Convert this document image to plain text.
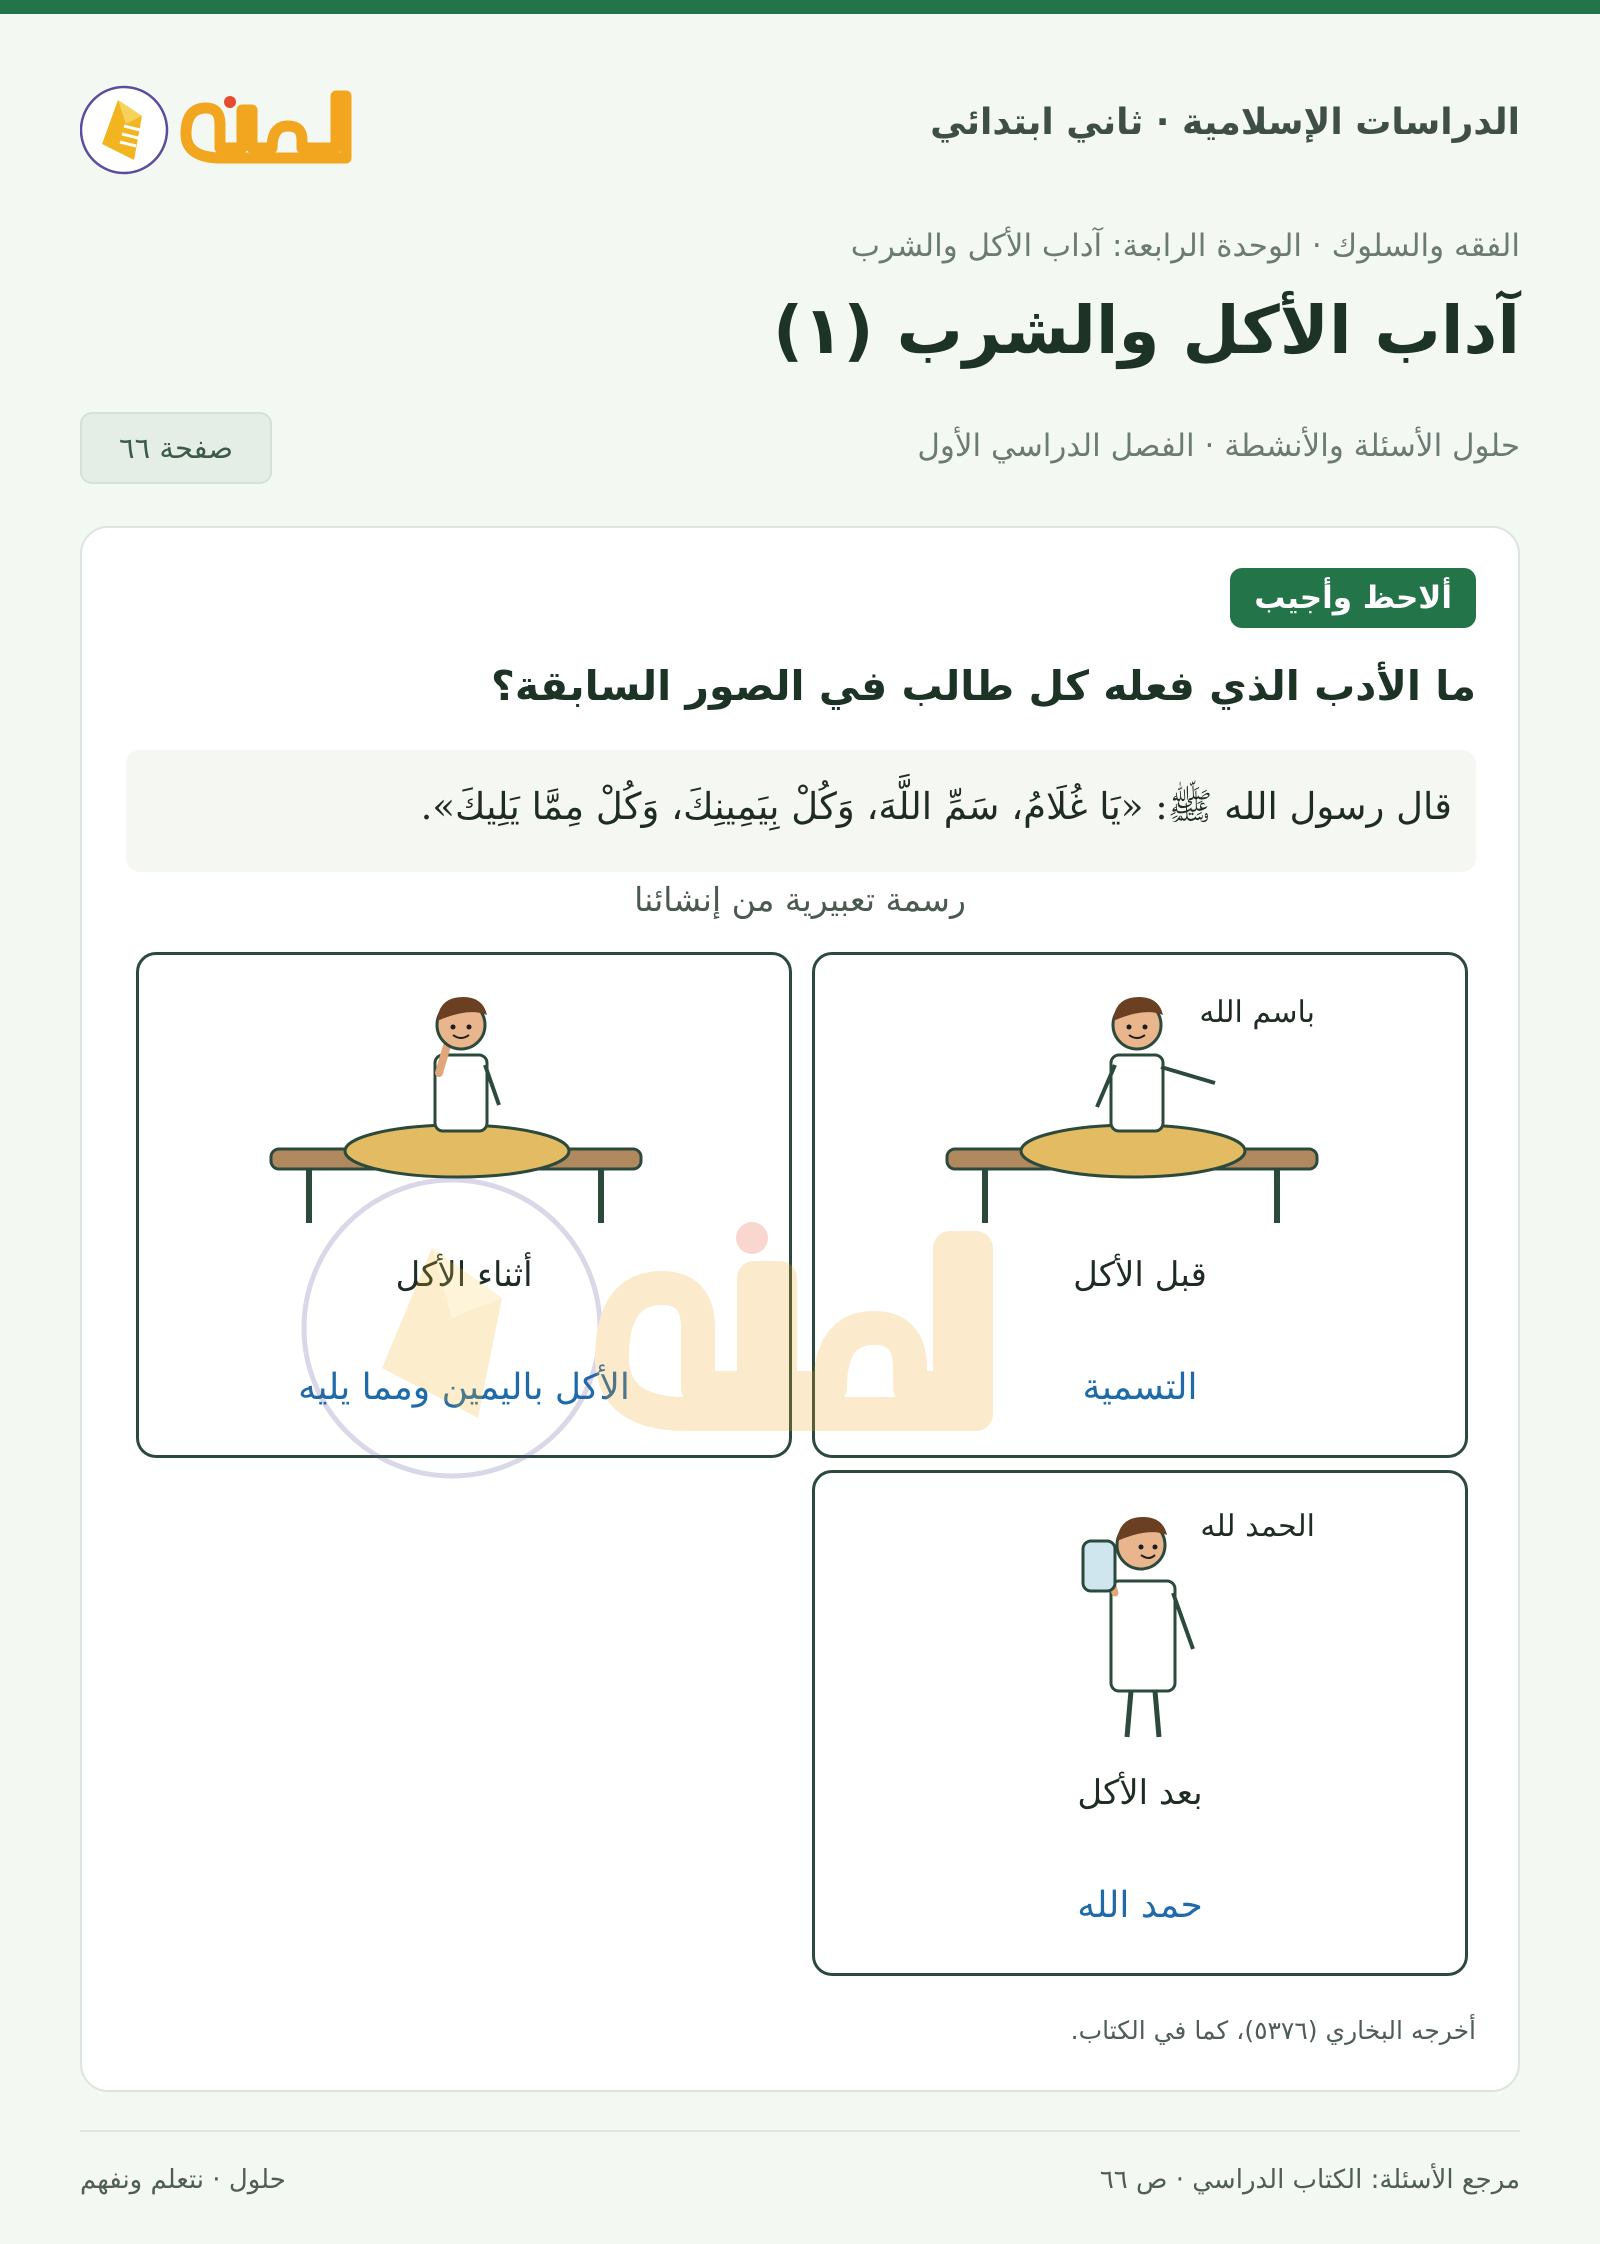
الدراسات الإسلامية · ثاني ابتدائي
الفقه والسلوك · الوحدة الرابعة: آداب الأكل والشرب
آداب الأكل والشرب (١)
حلول الأسئلة والأنشطة · الفصل الدراسي الأول
صفحة ٦٦
ألاحظ وأجيب
ما الأدب الذي فعله كل طالب في الصور السابقة؟
قال رسول الله ﷺ: «يَا غُلَامُ، سَمِّ اللَّهَ، وَكُلْ بِيَمِينِكَ، وَكُلْ مِمَّا يَلِيكَ».
رسمة تعبيرية من إنشائنا
باسم الله
قبل الأكل
التسمية
أثناء الأكل
الأكل باليمين ومما يليه
الحمد لله
بعد الأكل
حمد الله
أخرجه البخاري (٥٣٧٦)، كما في الكتاب.
مرجع الأسئلة: الكتاب الدراسي · ص ٦٦
حلول · نتعلم ونفهم
